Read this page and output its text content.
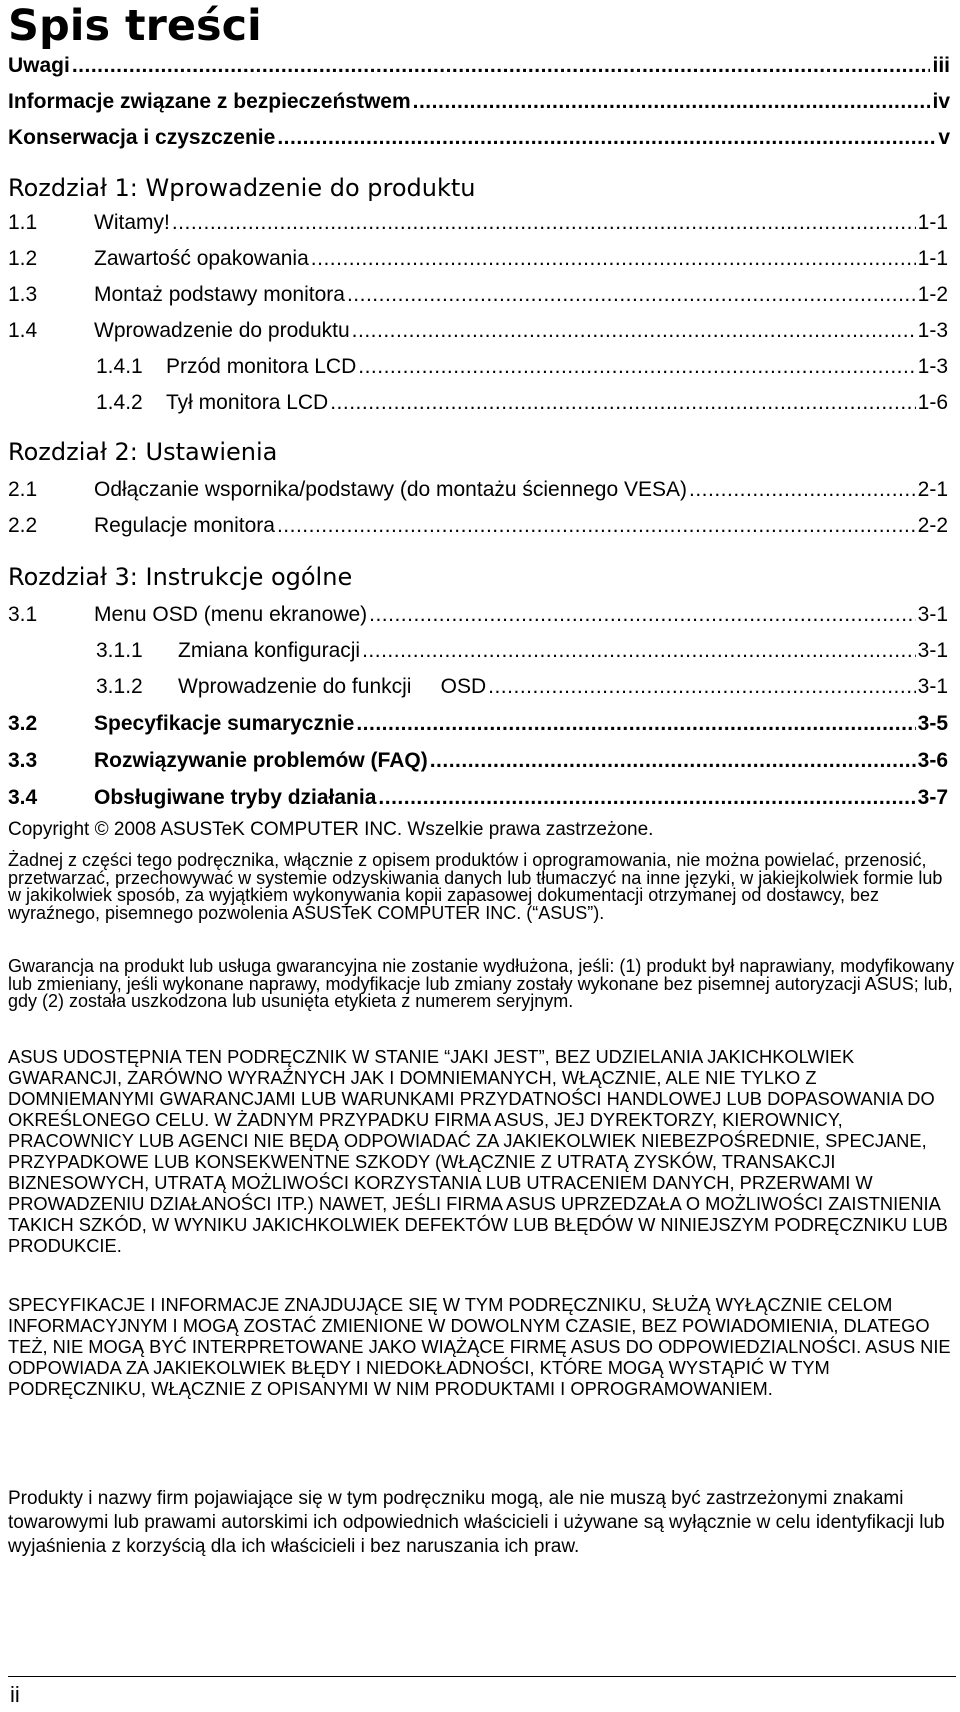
Spis treści
Uwagi .....	iii
Informacje związane z bezpieczeństwem .....	iv
Konserwacja i czyszczenie .....	v
Rozdział 1: Wprowadzenie do produktu
1.1	Witamy! .....	1-1
1.2	Zawartość opakowania .....	1-1
1.3	Montaż podstawy monitora .....	1-2
1.4	Wprowadzenie do produktu .....	1-3
1.4.1	Przód monitora LCD .....	1-3
1.4.2	Tył monitora LCD .....	1-6
Rozdział 2: Ustawienia
2.1	Odłączanie wspornika/podstawy (do montażu ściennego VESA) .....	2-1
2.2	Regulacje monitora .....	2-2
Rozdział 3: Instrukcje ogólne
3.1	Menu OSD (menu ekranowe) .....	3-1
3.1.1	Zmiana konfiguracji .....	3-1
3.1.2	Wprowadzenie do funkcji     OSD .....	3-1
3.2	Specyfikacje sumarycznie .....	3-5
3.3	Rozwiązywanie problemów (FAQ) .....	3-6
3.4	Obsługiwane tryby działania .....	3-7
Copyright © 2008 ASUSTeK COMPUTER INC. Wszelkie prawa zastrzeżone.
Żadnej z części tego podręcznika, włącznie z opisem produktów i oprogramowania, nie można powielać, przenosić, przetwarzać, przechowywać w systemie odzyskiwania danych lub tłumaczyć na inne języki, w jakiejkolwiek formie lub w jakikolwiek sposób, za wyjątkiem wykonywania kopii zapasowej dokumentacji otrzymanej od dostawcy, bez wyraźnego, pisemnego pozwolenia ASUSTeK COMPUTER INC. (“ASUS”).
Gwarancja na produkt lub usługa gwarancyjna nie zostanie wydłużona, jeśli: (1) produkt był naprawiany, modyfikowany lub zmieniany, jeśli wykonane naprawy, modyfikacje lub zmiany zostały wykonane bez pisemnej autoryzacji ASUS; lub, gdy (2) została uszkodzona lub usunięta etykieta z numerem seryjnym.
ASUS UDOSTĘPNIA TEN PODRĘCZNIK W STANIE “JAKI JEST”, BEZ UDZIELANIA JAKICHKOLWIEK GWARANCJI, ZARÓWNO WYRAŹNYCH JAK I DOMNIEMANYCH, WŁĄCZNIE, ALE NIE TYLKO Z DOMNIEMANYMI GWARANCJAMI LUB WARUNKAMI PRZYDATNOŚCI HANDLOWEJ LUB DOPASOWANIA DO OKREŚLONEGO CELU. W ŻADNYM PRZYPADKU FIRMA ASUS, JEJ DYREKTORZY, KIEROWNICY, PRACOWNICY LUB AGENCI NIE BĘDĄ ODPOWIADAĆ ZA JAKIEKOLWIEK NIEBEZPOŚREDNIE, SPECJANE, PRZYPADKOWE LUB KONSEKWENTNE SZKODY (WŁĄCZNIE Z UTRATĄ ZYSKÓW, TRANSAKCJI BIZNESOWYCH, UTRATĄ MOŻLIWOŚCI KORZYSTANIA LUB UTRACENIEM DANYCH, PRZERWAMI W PROWADZENIU DZIAŁANOŚCI ITP.) NAWET, JEŚLI FIRMA ASUS UPRZEDZAŁA O MOŻLIWOŚCI ZAISTNIENIA TAKICH SZKÓD, W WYNIKU JAKICHKOLWIEK DEFEKTÓW LUB BŁĘDÓW W NINIEJSZYM PODRĘCZNIKU LUB PRODUKCIE.
SPECYFIKACJE I INFORMACJE ZNAJDUJĄCE SIĘ W TYM PODRĘCZNIKU, SŁUŻĄ WYŁĄCZNIE CELOM INFORMACYJNYM I MOGĄ ZOSTAĆ ZMIENIONE W DOWOLNYM CZASIE, BEZ POWIADOMIENIA, DLATEGO TEŻ, NIE MOGĄ BYĆ INTERPRETOWANE JAKO WIĄŻĄCE FIRMĘ ASUS DO ODPOWIEDZIALNOŚCI. ASUS NIE ODPOWIADA ZA JAKIEKOLWIEK BŁĘDY I NIEDOKŁADNOŚCI, KTÓRE MOGĄ WYSTĄPIĆ W TYM PODRĘCZNIKU, WŁĄCZNIE Z OPISANYMI W NIM PRODUKTAMI I OPROGRAMOWANIEM.
Produkty i nazwy firm pojawiające się w tym podręczniku mogą, ale nie muszą być zastrzeżonymi znakami towarowymi lub prawami autorskimi ich odpowiednich właścicieli i używane są wyłącznie w celu identyfikacji lub wyjaśnienia z korzyścią dla ich właścicieli i bez naruszania ich praw.
ii
